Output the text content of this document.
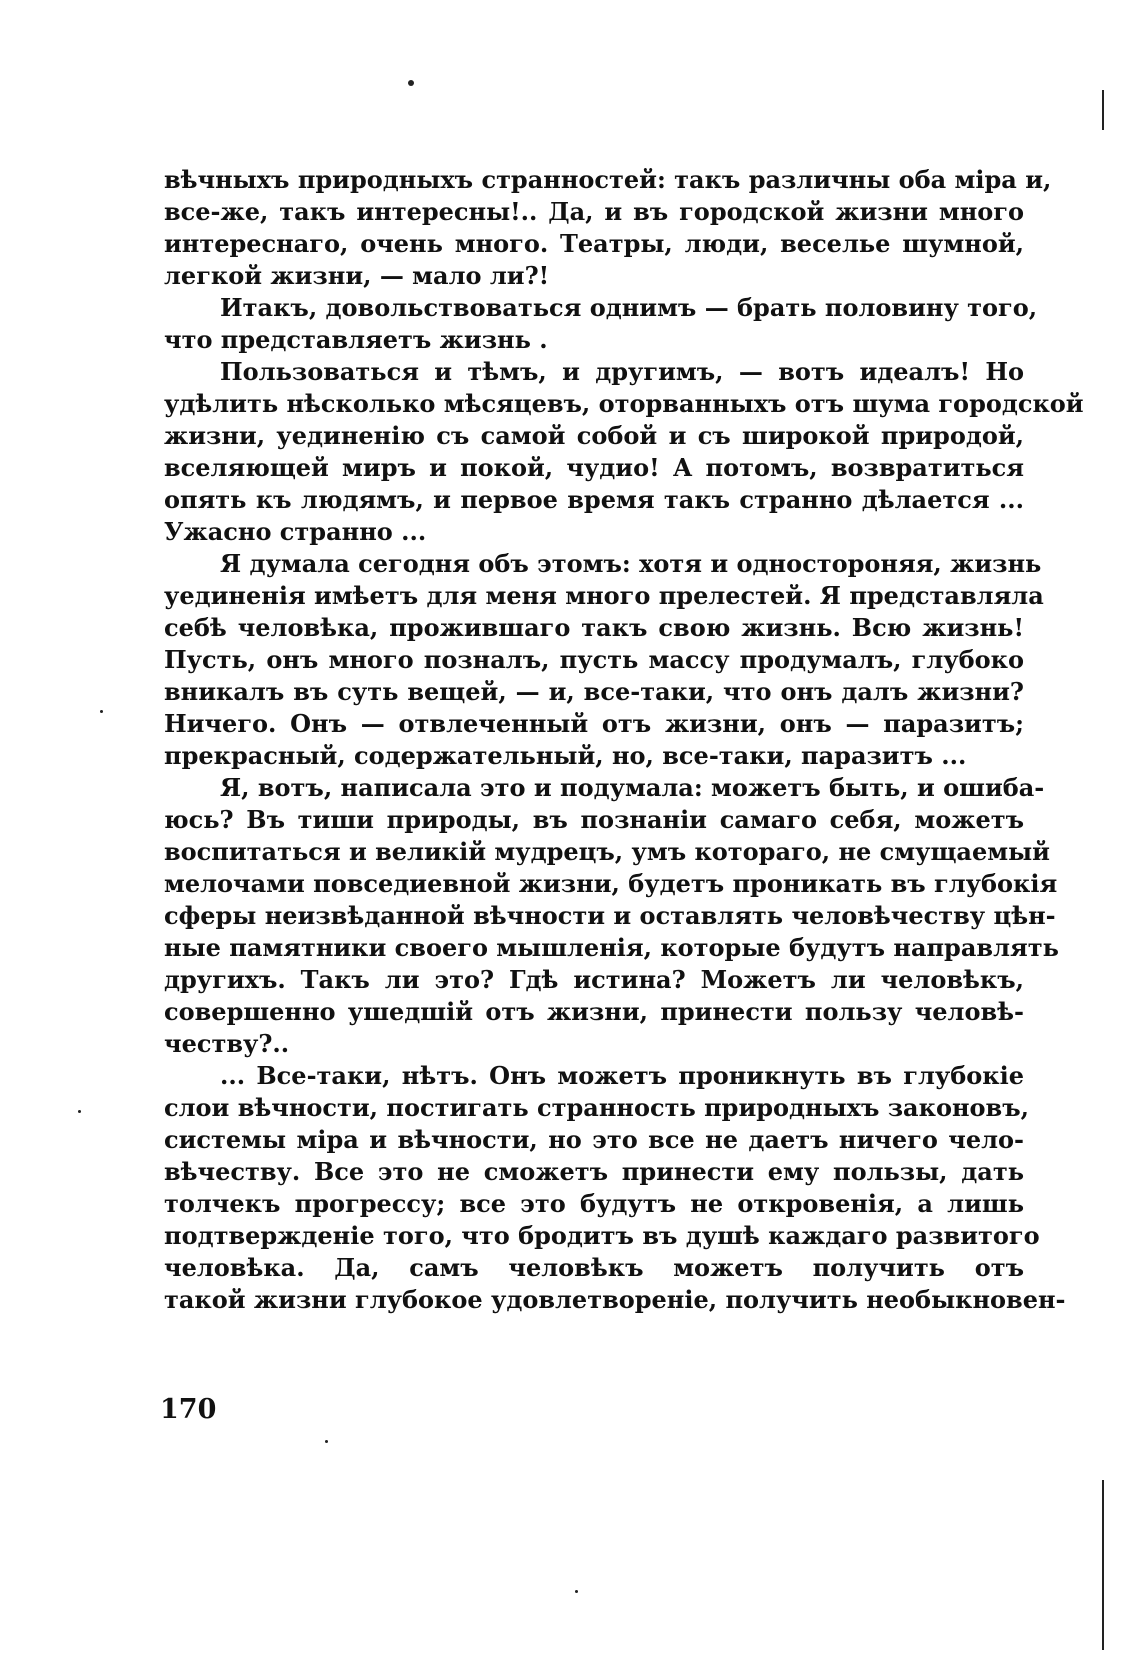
вѣчныхъ природныхъ странностей: такъ различны оба міра и,
все-же, такъ интересны!.. Да, и въ городской жизни много
интереснаго, очень много. Театры, люди, веселье шумной,
легкой жизни, — мало ли?!
Итакъ, довольствоваться однимъ — брать половину того,
что представляетъ жизнь .
Пользоваться и тѣмъ, и другимъ, — вотъ идеалъ! Но
удѣлить нѣсколько мѣсяцевъ, оторванныхъ отъ шума городской
жизни, уединенію съ самой собой и съ широкой природой,
вселяющей миръ и покой, чудио! А потомъ, возвратиться
опять къ людямъ, и первое время такъ странно дѣлается ...
Ужасно странно ...
Я думала сегодня объ этомъ: хотя и одностороняя, жизнь
уединенія имѣетъ для меня много прелестей. Я представляла
себѣ человѣка, прожившаго такъ свою жизнь. Всю жизнь!
Пусть, онъ много позналъ, пусть массу продумалъ, глубоко
вникалъ въ суть вещей, — и, все-таки, что онъ далъ жизни?
Ничего. Онъ — отвлеченный отъ жизни, онъ — паразитъ;
прекрасный, содержательный, но, все-таки, паразитъ ...
Я, вотъ, написала это и подумала: можетъ быть, и ошиба-
юсь? Въ тиши природы, въ познаніи самаго себя, можетъ
воспитаться и великій мудрецъ, умъ котораго, не смущаемый
мелочами повседиевной жизни, будетъ проникать въ глубокія
сферы неизвѣданной вѣчности и оставлять человѣчеству цѣн-
ные памятники своего мышленія, которые будутъ направлять
другихъ. Такъ ли это? Гдѣ истина? Можетъ ли человѣкъ,
совершенно ушедшій отъ жизни, принести пользу человѣ-
честву?..
... Все-таки, нѣтъ. Онъ можетъ проникнуть въ глубокіе
слои вѣчности, постигать странность природныхъ законовъ,
системы міра и вѣчности, но это все не даетъ ничего чело-
вѣчеству. Все это не сможетъ принести ему пользы, дать
толчекъ прогрессу; все это будутъ не откровенія, а лишь
подтвержденіе того, что бродитъ въ душѣ каждаго развитого
человѣка. Да, самъ человѣкъ можетъ получить отъ
такой жизни глубокое удовлетвореніе, получить необыкновен-
170
